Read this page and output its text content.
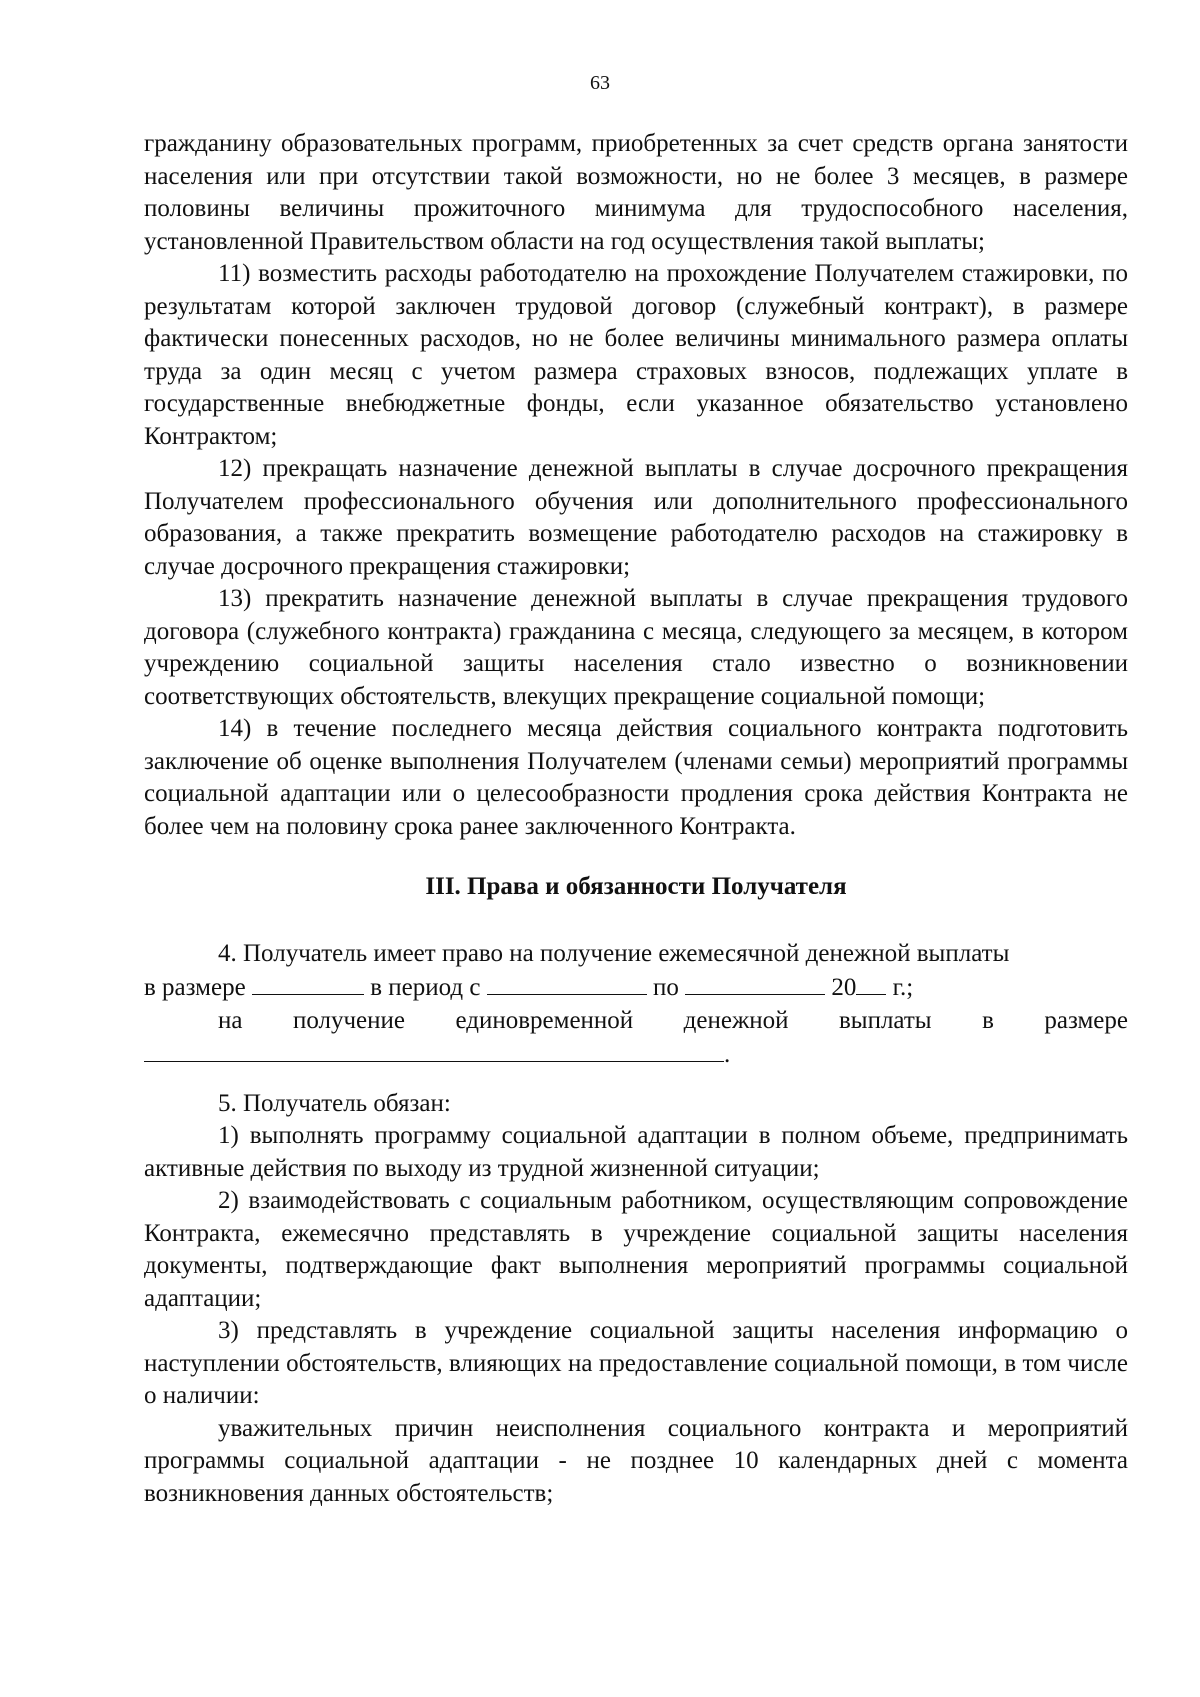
63

гражданину образовательных программ, приобретенных за счет средств органа занятости населения или при отсутствии такой возможности, но не более 3 месяцев, в размере половины величины прожиточного минимума для трудоспособного населения, установленной Правительством области на год осуществления такой выплаты;

11) возместить расходы работодателю на прохождение Получателем стажировки, по результатам которой заключен трудовой договор (служебный контракт), в размере фактически понесенных расходов, но не более величины минимального размера оплаты труда за один месяц с учетом размера страховых взносов, подлежащих уплате в государственные внебюджетные фонды, если указанное обязательство установлено Контрактом;

12) прекращать назначение денежной выплаты в случае досрочного прекращения Получателем профессионального обучения или дополнительного профессионального образования, а также прекратить возмещение работодателю расходов на стажировку в случае досрочного прекращения стажировки;

13) прекратить назначение денежной выплаты в случае прекращения трудового договора (служебного контракта) гражданина с месяца, следующего за месяцем, в котором учреждению социальной защиты населения стало известно о возникновении соответствующих обстоятельств, влекущих прекращение социальной помощи;

14) в течение последнего месяца действия социального контракта подготовить заключение об оценке выполнения Получателем (членами семьи) мероприятий программы социальной адаптации или о целесообразности продления срока действия Контракта не более чем на половину срока ранее заключенного Контракта.

III. Права и обязанности Получателя

4. Получатель имеет право на получение ежемесячной денежной выплаты

в размере	в период с	по	20 г.;

на получение единовременной денежной выплаты в размере

.

5. Получатель обязан:

1) выполнять программу социальной адаптации в полном объеме, предпринимать активные действия по выходу из трудной жизненной ситуации;

2) взаимодействовать с социальным работником, осуществляющим сопровождение Контракта, ежемесячно представлять в учреждение социальной защиты населения документы, подтверждающие факт выполнения мероприятий программы социальной адаптации;

3) представлять в учреждение социальной защиты населения информацию о наступлении обстоятельств, влияющих на предоставление социальной помощи, в том числе о наличии:

уважительных причин неисполнения социального контракта и мероприятий программы социальной адаптации - не позднее 10 календарных дней с момента возникновения данных обстоятельств;
